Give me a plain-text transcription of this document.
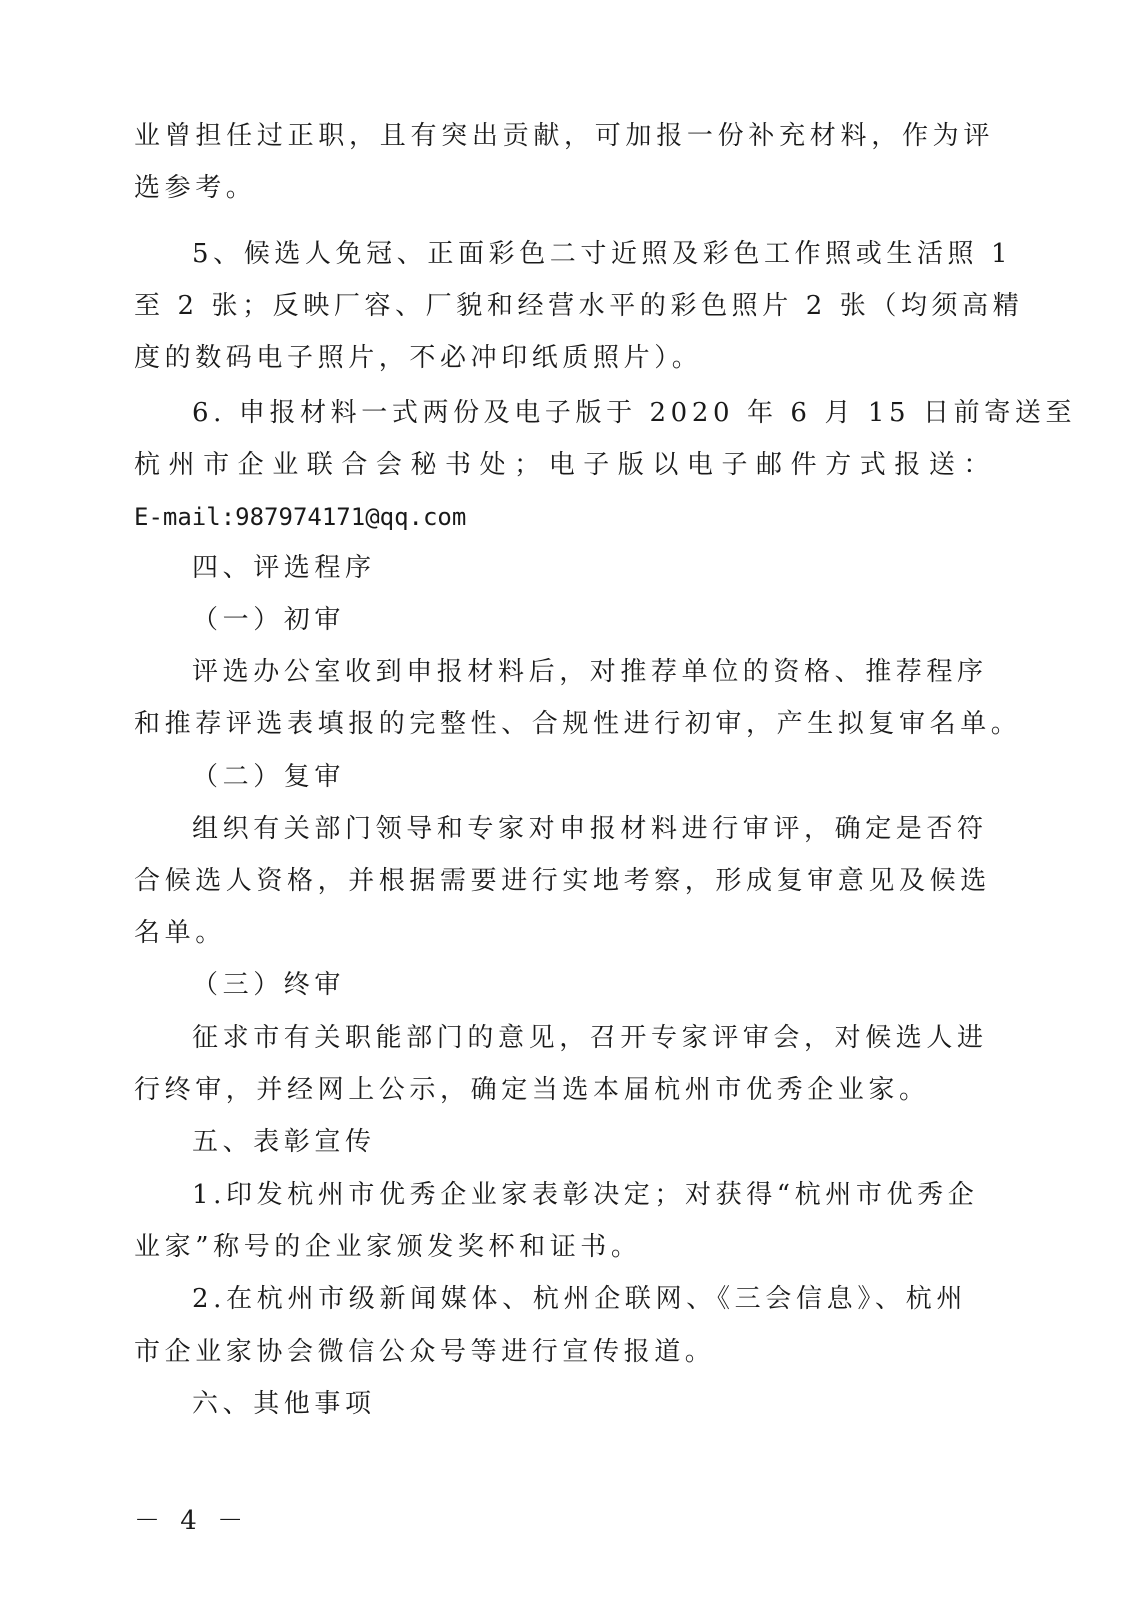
业曾担任过正职，且有突出贡献，可加报一份补充材料，作为评
选参考。
5、候选人免冠、正面彩色二寸近照及彩色工作照或生活照 1
至 2 张；反映厂容、厂貌和经营水平的彩色照片 2 张（均须高精
度的数码电子照片，不必冲印纸质照片）。
6. 申报材料一式两份及电子版于 2020 年 6 月 15 日前寄送至
杭州市企业联合会秘书处；电子版以电子邮件方式报送：
E-mail:987974171@qq.com
四、评选程序
（一）初审
评选办公室收到申报材料后，对推荐单位的资格、推荐程序
和推荐评选表填报的完整性、合规性进行初审，产生拟复审名单。
（二）复审
组织有关部门领导和专家对申报材料进行审评，确定是否符
合候选人资格，并根据需要进行实地考察，形成复审意见及候选
名单。
（三）终审
征求市有关职能部门的意见，召开专家评审会，对候选人进
行终审，并经网上公示，确定当选本届杭州市优秀企业家。
五、表彰宣传
1.印发杭州市优秀企业家表彰决定；对获得“杭州市优秀企
业家”称号的企业家颁发奖杯和证书。
2.在杭州市级新闻媒体、杭州企联网、《三会信息》、杭州
市企业家协会微信公众号等进行宣传报道。
六、其他事项
－ 4 －
